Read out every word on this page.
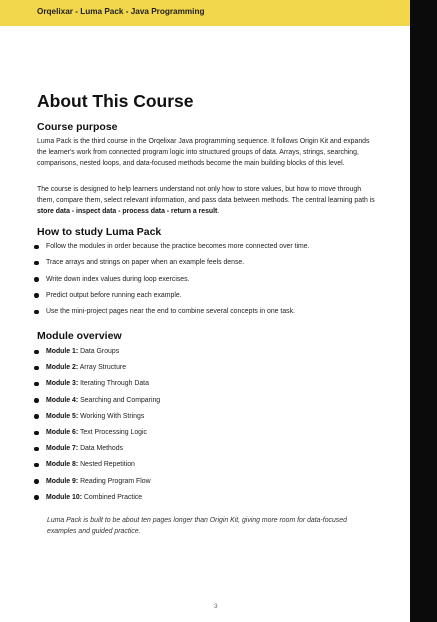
Orqelixar - Luma Pack - Java Programming
About This Course
Course purpose

Luma Pack is the third course in the Orqelixar Java programming sequence. It follows Origin Kit and expands the learner's work from connected program logic into structured groups of data. Arrays, strings, searching, comparisons, nested loops, and data-focused methods become the main building blocks of this level.

The course is designed to help learners understand not only how to store values, but how to move through them, compare them, select relevant information, and pass data between methods. The central learning path is store data - inspect data - process data - return a result.

How to study Luma Pack
Follow the modules in order because the practice becomes more connected over time.
Trace arrays and strings on paper when an example feels dense.
Write down index values during loop exercises.
Predict output before running each example.
Use the mini-project pages near the end to combine several concepts in one task.
Module overview
Module 1: Data Groups
Module 2: Array Structure
Module 3: Iterating Through Data
Module 4: Searching and Comparing
Module 5: Working With Strings
Module 6: Text Processing Logic
Module 7: Data Methods
Module 8: Nested Repetition
Module 9: Reading Program Flow
Module 10: Combined Practice

Luma Pack is built to be about ten pages longer than Origin Kit, giving more room for data-focused examples and guided practice.

3
